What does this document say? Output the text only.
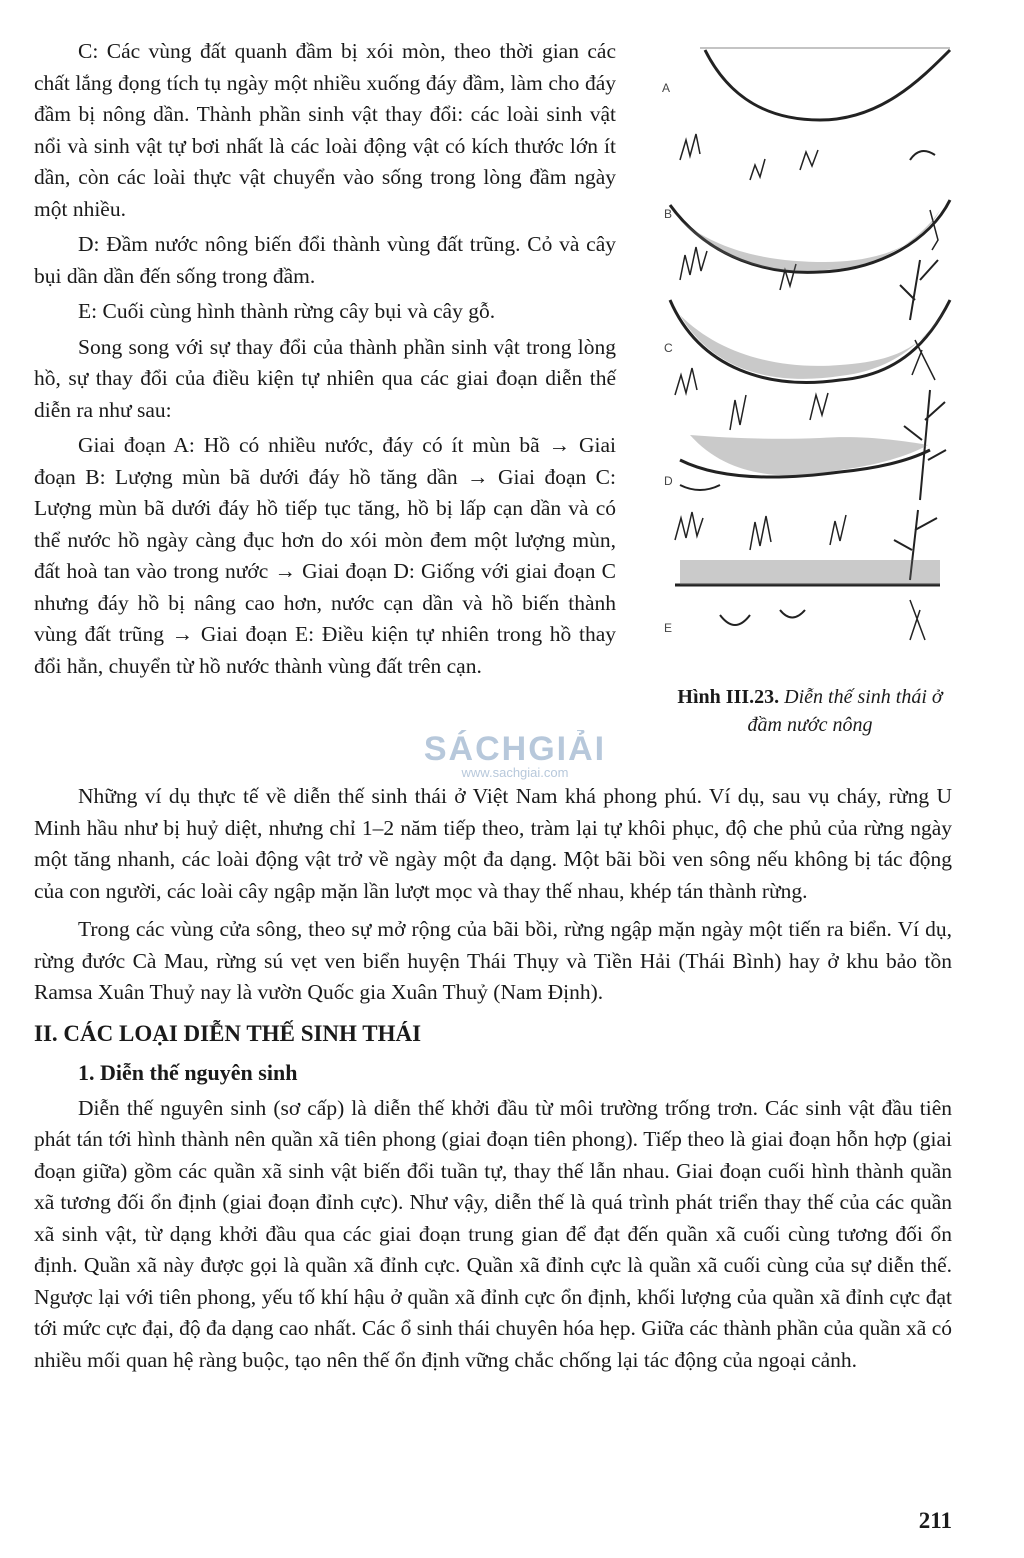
C: Các vùng đất quanh đầm bị xói mòn, theo thời gian các chất lắng đọng tích tụ ngày một nhiều xuống đáy đầm, làm cho đáy đầm bị nông dần. Thành phần sinh vật thay đổi: các loài sinh vật nổi và sinh vật tự bơi nhất là các loài động vật có kích thước lớn ít dần, còn các loài thực vật chuyển vào sống trong lòng đầm ngày một nhiều.

D: Đầm nước nông biến đổi thành vùng đất trũng. Cỏ và cây bụi dần dần đến sống trong đầm.

E: Cuối cùng hình thành rừng cây bụi và cây gỗ.

Song song với sự thay đổi của thành phần sinh vật trong lòng hồ, sự thay đổi của điều kiện tự nhiên qua các giai đoạn diễn thế diễn ra như sau:

Giai đoạn A: Hồ có nhiều nước, đáy có ít mùn bã → Giai đoạn B: Lượng mùn bã dưới đáy hồ tăng dần → Giai đoạn C: Lượng mùn bã dưới đáy hồ tiếp tục tăng, hồ bị lấp cạn dần và có thể nước hồ ngày càng đục hơn do xói mòn đem một lượng mùn, đất hoà tan vào trong nước → Giai đoạn D: Giống với giai đoạn C nhưng đáy hồ bị nâng cao hơn, nước cạn dần và hồ biến thành vùng đất trũng → Giai đoạn E: Điều kiện tự nhiên trong hồ thay đổi hẳn, chuyển từ hồ nước thành vùng đất trên cạn.

A
B
C
D
E
Hình III.23. Diễn thế sinh thái ở đầm nước nông
SÁCHGIẢI
www.sachgiai.com

Những ví dụ thực tế về diễn thế sinh thái ở Việt Nam khá phong phú. Ví dụ, sau vụ cháy, rừng U Minh hầu như bị huỷ diệt, nhưng chỉ 1–2 năm tiếp theo, tràm lại tự khôi phục, độ che phủ của rừng ngày một tăng nhanh, các loài động vật trở về ngày một đa dạng. Một bãi bồi ven sông nếu không bị tác động của con người, các loài cây ngập mặn lần lượt mọc và thay thế nhau, khép tán thành rừng.

Trong các vùng cửa sông, theo sự mở rộng của bãi bồi, rừng ngập mặn ngày một tiến ra biển. Ví dụ, rừng đước Cà Mau, rừng sú vẹt ven biển huyện Thái Thụy và Tiền Hải (Thái Bình) hay ở khu bảo tồn Ramsa Xuân Thuỷ nay là vườn Quốc gia Xuân Thuỷ (Nam Định).

II. CÁC LOẠI DIỄN THẾ SINH THÁI
1. Diễn thế nguyên sinh

Diễn thế nguyên sinh (sơ cấp) là diễn thế khởi đầu từ môi trường trống trơn. Các sinh vật đầu tiên phát tán tới hình thành nên quần xã tiên phong (giai đoạn tiên phong). Tiếp theo là giai đoạn hỗn hợp (giai đoạn giữa) gồm các quần xã sinh vật biến đổi tuần tự, thay thế lẫn nhau. Giai đoạn cuối hình thành quần xã tương đối ổn định (giai đoạn đỉnh cực). Như vậy, diễn thế là quá trình phát triển thay thế của các quần xã sinh vật, từ dạng khởi đầu qua các giai đoạn trung gian để đạt đến quần xã cuối cùng tương đối ổn định. Quần xã này được gọi là quần xã đỉnh cực. Quần xã đỉnh cực là quần xã cuối cùng của sự diễn thế. Ngược lại với tiên phong, yếu tố khí hậu ở quần xã đỉnh cực ổn định, khối lượng của quần xã đỉnh cực đạt tới mức cực đại, độ đa dạng cao nhất. Các ổ sinh thái chuyên hóa hẹp. Giữa các thành phần của quần xã có nhiều mối quan hệ ràng buộc, tạo nên thế ổn định vững chắc chống lại tác động của ngoại cảnh.

211
